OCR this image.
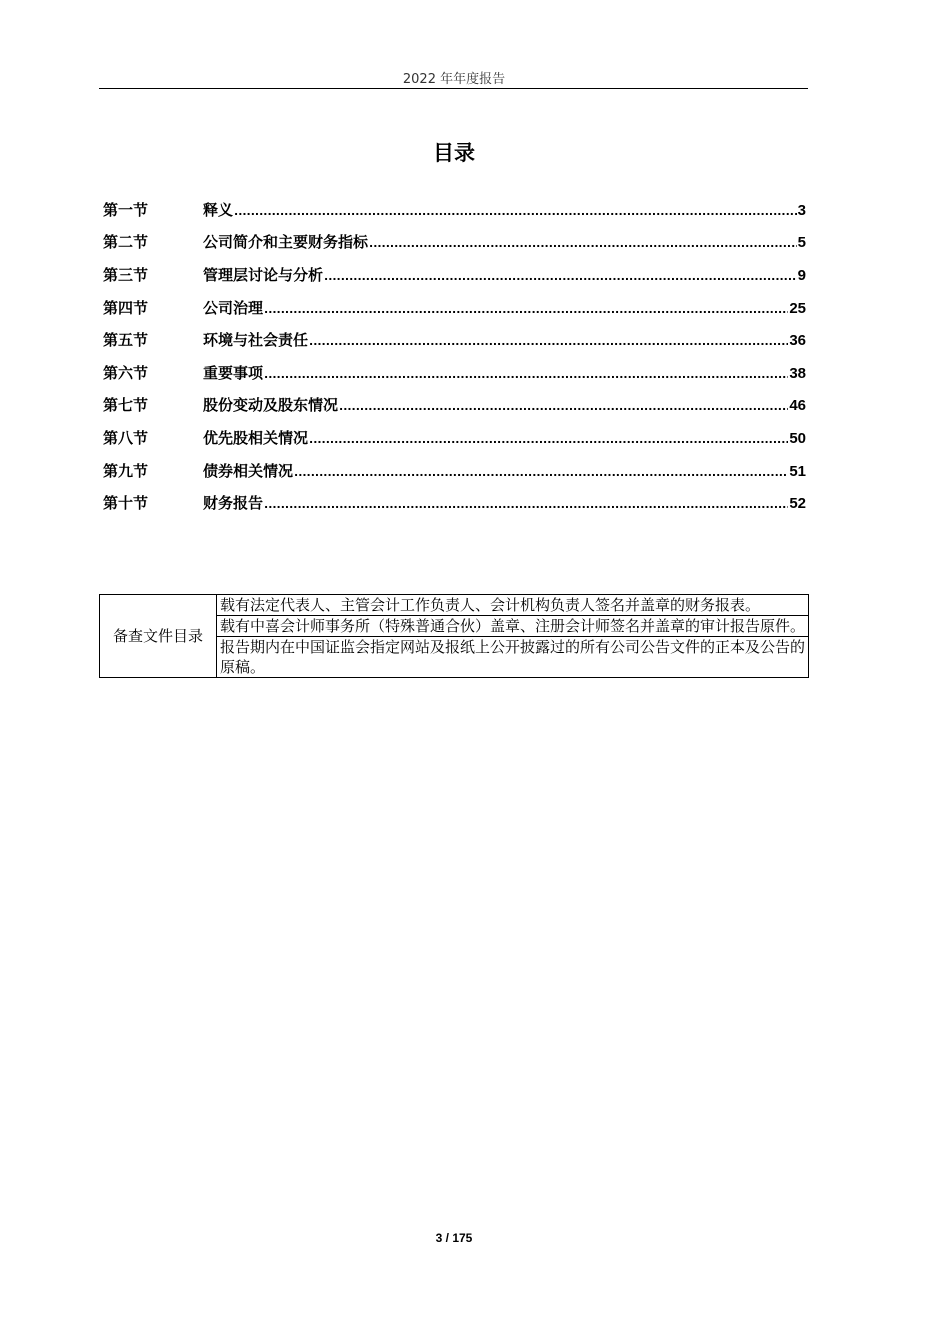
2022 年年度报告
目录
第一节	释义 .....	3
第二节	公司简介和主要财务指标 .....	5
第三节	管理层讨论与分析 .....	9
第四节	公司治理 .....	25
第五节	环境与社会责任 .....	36
第六节	重要事项 .....	38
第七节	股份变动及股东情况 .....	46
第八节	优先股相关情况 .....	50
第九节	债券相关情况 .....	51
第十节	财务报告 .....	52
备查文件目录	载有法定代表人、主管会计工作负责人、会计机构负责人签名并盖章的财务报表。
载有中喜会计师事务所（特殊普通合伙）盖章、注册会计师签名并盖章的审计报告原件。
报告期内在中国证监会指定网站及报纸上公开披露过的所有公司公告文件的正本及公告的原稿。
3 / 175
